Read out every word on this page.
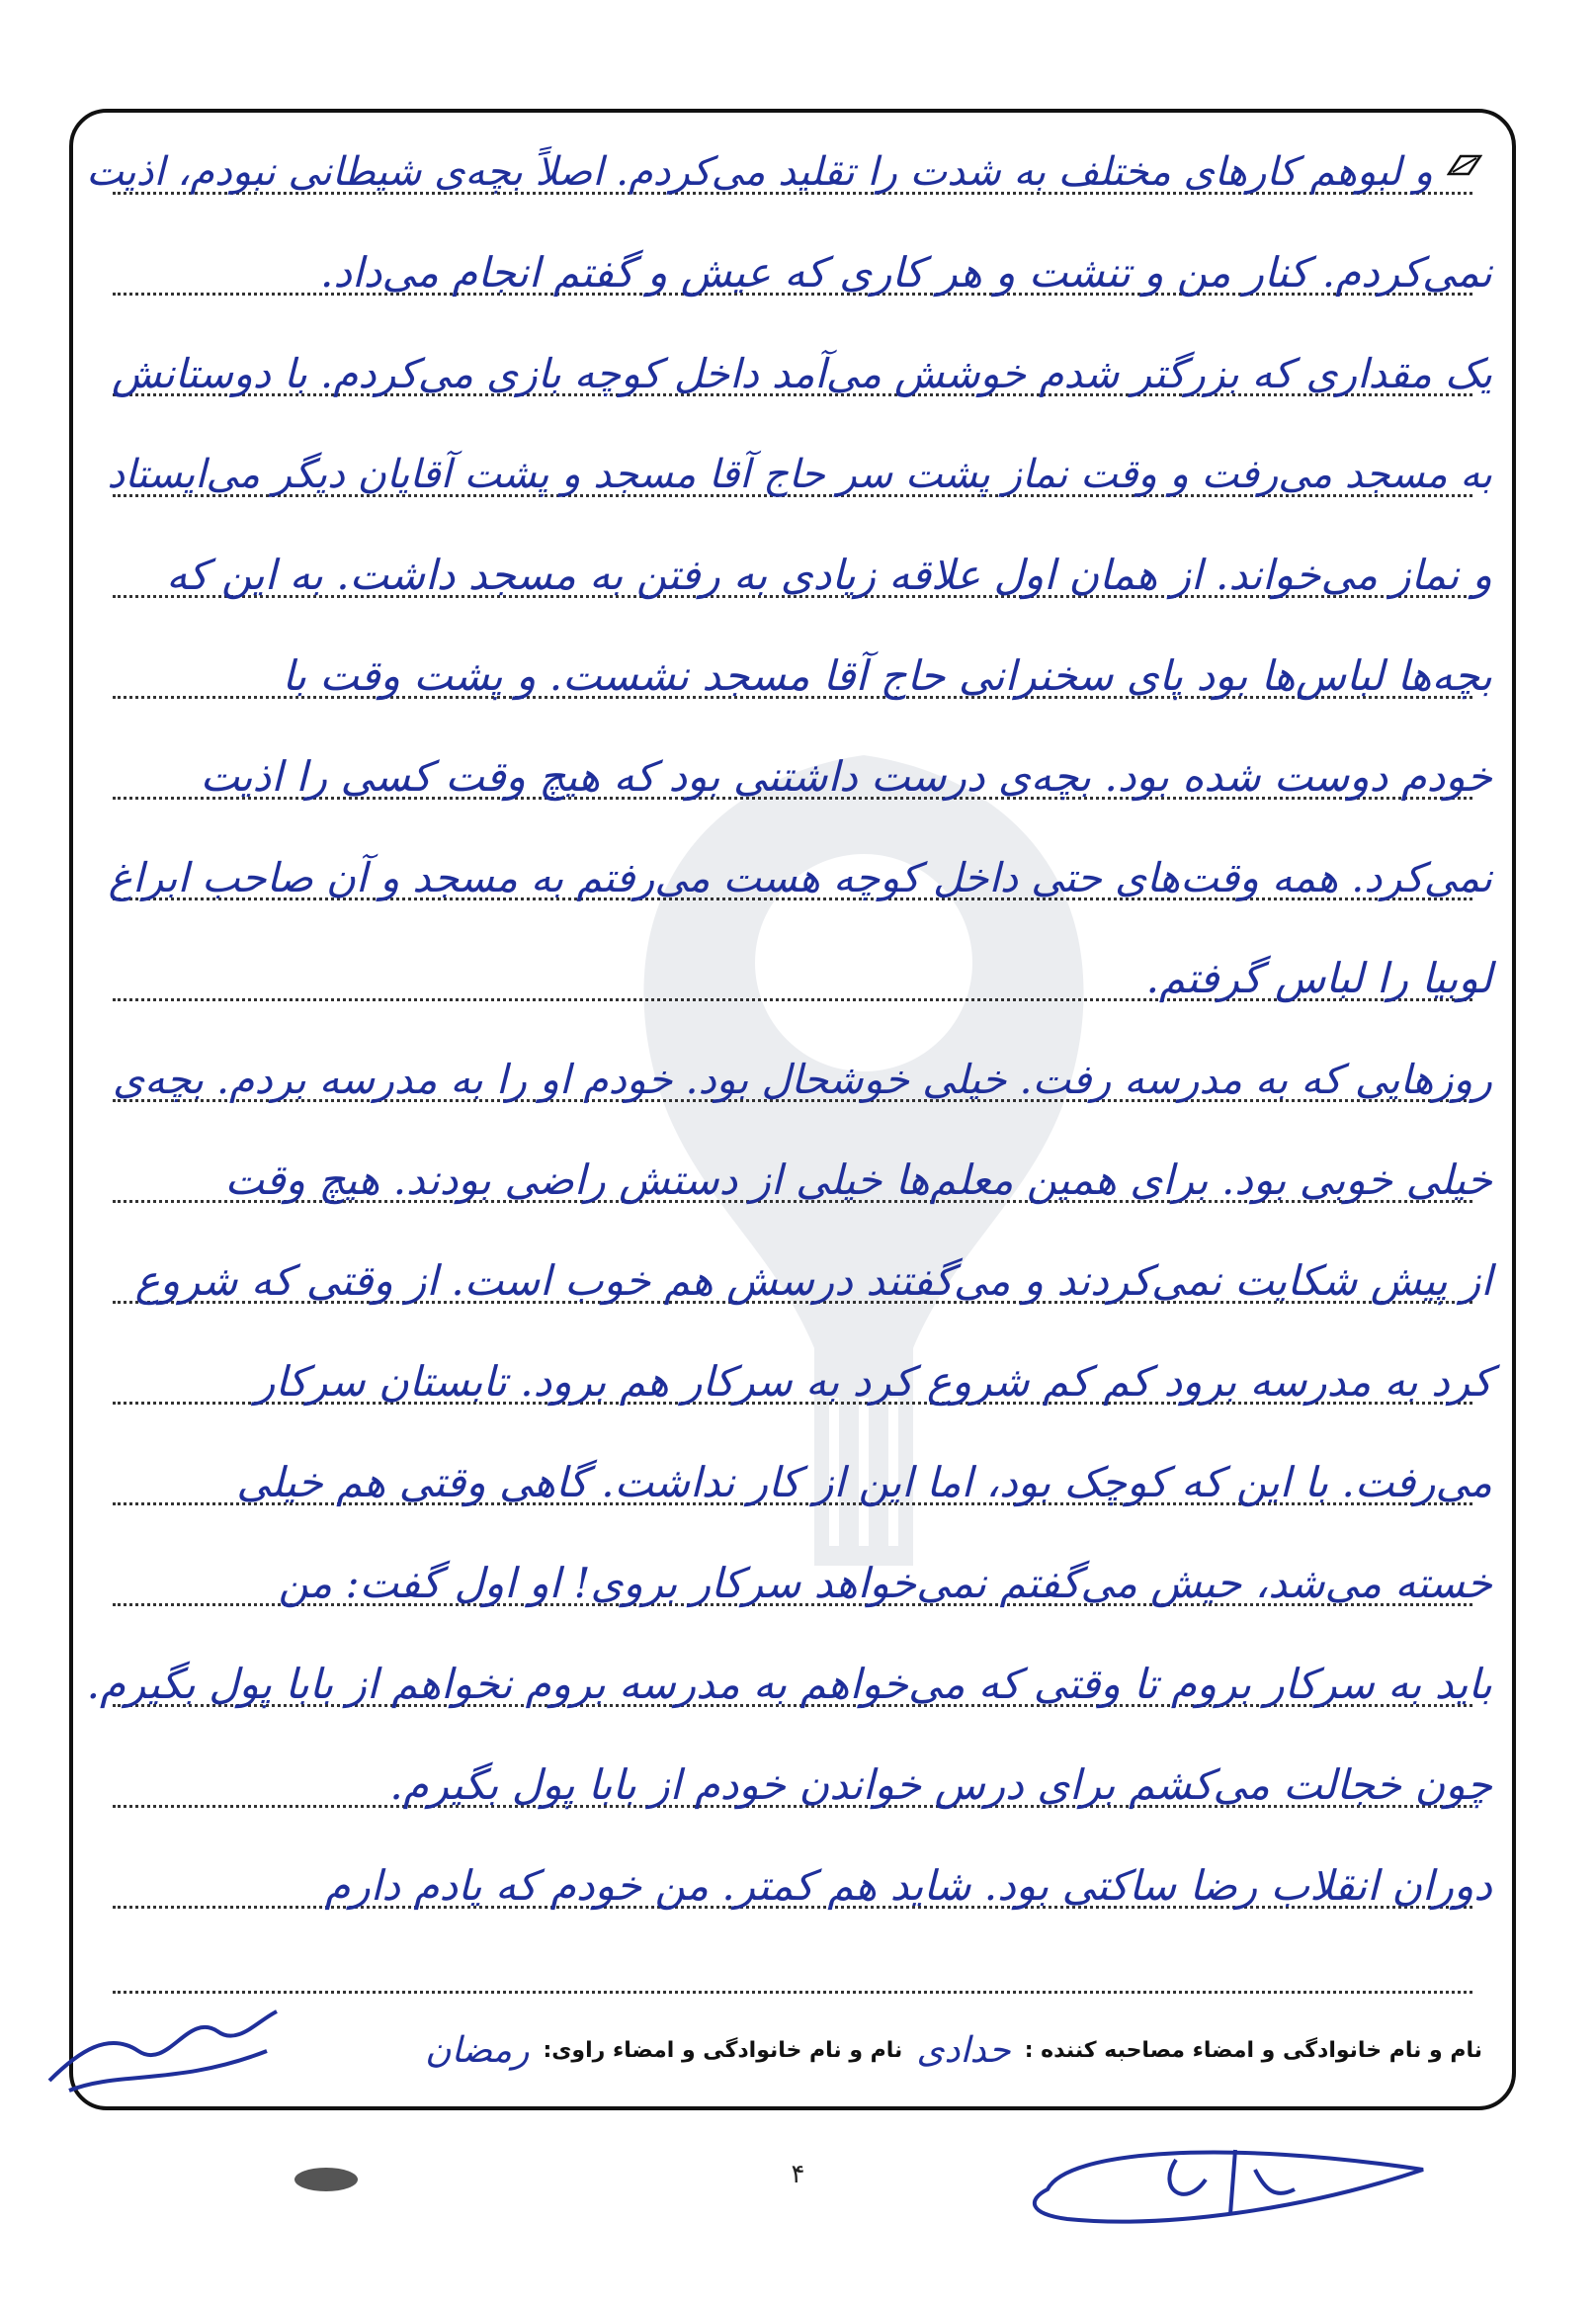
و لبوهم کارهای مختلف به شدت را تقلید می‌کردم. اصلاً بچه‌ی شیطانی نبودم، اذیت
نمی‌کردم. کنار من و تنشت و هر کاری که عیش و گفتم انجام می‌داد.
یک مقداری که بزرگتر شدم خوشش می‌آمد داخل کوچه بازی می‌کردم. با دوستانش
به مسجد می‌رفت و وقت نماز پشت سر حاج آقا مسجد و پشت آقایان دیگر می‌ایستاد
و نماز می‌خواند. از همان اول علاقه زیادی به رفتن به مسجد داشت. به این که
بچه‌ها لباس‌ها بود پای سخنرانی حاج آقا مسجد نشست. و پشت وقت با
خودم دوست شده بود. بچه‌ی درست داشتنی بود که هیچ وقت کسی را اذیت
نمی‌کرد. همه وقت‌های حتی داخل کوچه هست می‌رفتم به مسجد و آن صاحب ابراغ
لوبیا را لباس گرفتم.
روزهایی که به مدرسه رفت. خیلی خوشحال بود. خودم او را به مدرسه بردم. بچه‌ی
خیلی خوبی بود. برای همین معلم‌ها خیلی از دستش راضی بودند. هیچ وقت
از پیش شکایت نمی‌کردند و می‌گفتند درسش هم خوب است. از وقتی که شروع
کرد به مدرسه برود کم کم شروع کرد به سرکار هم برود. تابستان سرکار
می‌رفت. با این که کوچک بود، اما این از کار نداشت. گاهی وقتی هم خیلی
خسته می‌شد، حیش می‌گفتم نمی‌خواهد سرکار بروی! او اول گفت: من
باید به سرکار بروم تا وقتی که می‌خواهم به مدرسه بروم نخواهم از بابا پول بگیرم.
چون خجالت می‌کشم برای درس خواندن خودم از بابا پول بگیرم.
دوران انقلاب رضا ساکتی بود. شاید هم کمتر. من خودم که یادم دارم
نام و نام خانوادگی و امضاء مصاحبه کننده :
حدادی
نام و نام خانوادگی و امضاء راوی:
رمضان
۴
